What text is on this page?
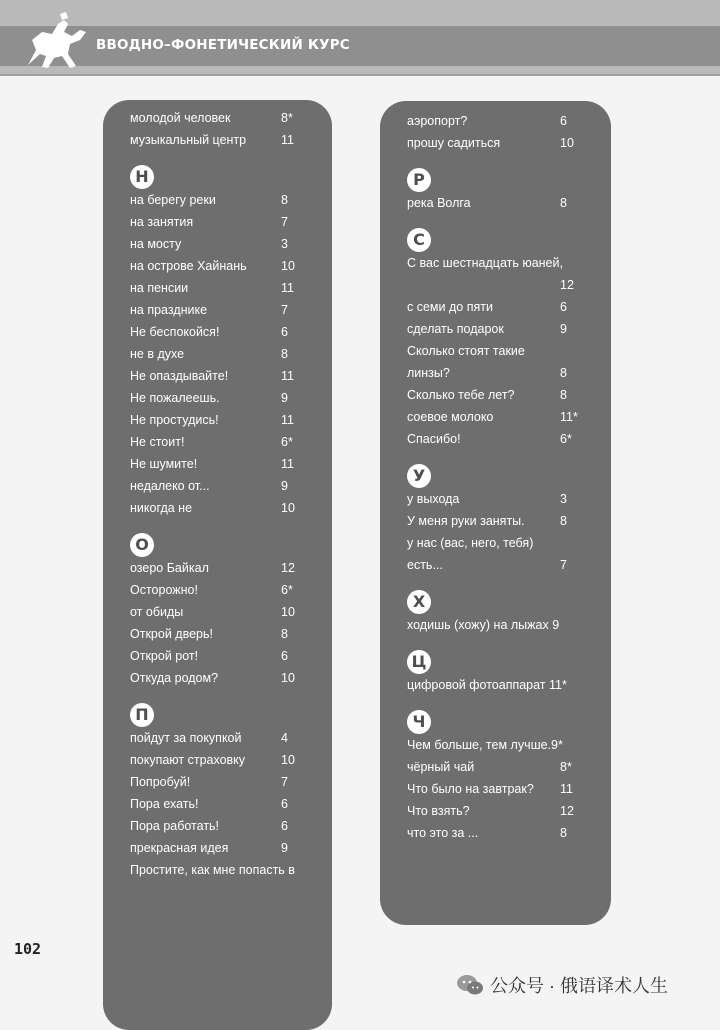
ВВОДНО–ФОНЕТИЧЕСКИЙ КУРС
молодой человек	8*
музыкальный центр	11
Н
на берегу реки	8
на занятия	7
на мосту	3
на острове Хайнань	10
на пенсии	11
на празднике	7
Не беспокойся!	6
не в духе	8
Не опаздывайте!	11
Не пожалеешь.	9
Не простудись!	11
Не стоит!	6*
Не шумите!	11
недалеко от...	9
никогда не	10
О
озеро Байкал	12
Осторожно!	6*
от обиды	10
Открой дверь!	8
Открой рот!	6
Откуда родом?	10
П
пойдут за покупкой	4
покупают страховку	10
Попробуй!	7
Пора ехать!	6
Пора работать!	6
прекрасная идея	9
Простите, как мне попасть в
аэропорт?	6
прошу садиться	10
Р
река Волга	8
С
С вас шестнадцать юаней,
12
с семи до пяти	6
сделать подарок	9
Сколько стоят такие
линзы?	8
Сколько тебе лет?	8
соевое молоко	11*
Спасибо!	6*
У
у выхода	3
У меня руки заняты.	8
у нас (вас, него, тебя)
есть...	7
Х
ходишь (хожу) на лыжах 9
Ц
цифровой фотоаппарат 11*
Ч
Чем больше, тем лучше.9*
чёрный чай	8*
Что было на завтрак? 11
Что взять?	12
что это за ...	8
102
公众号 · 俄语译术人生
